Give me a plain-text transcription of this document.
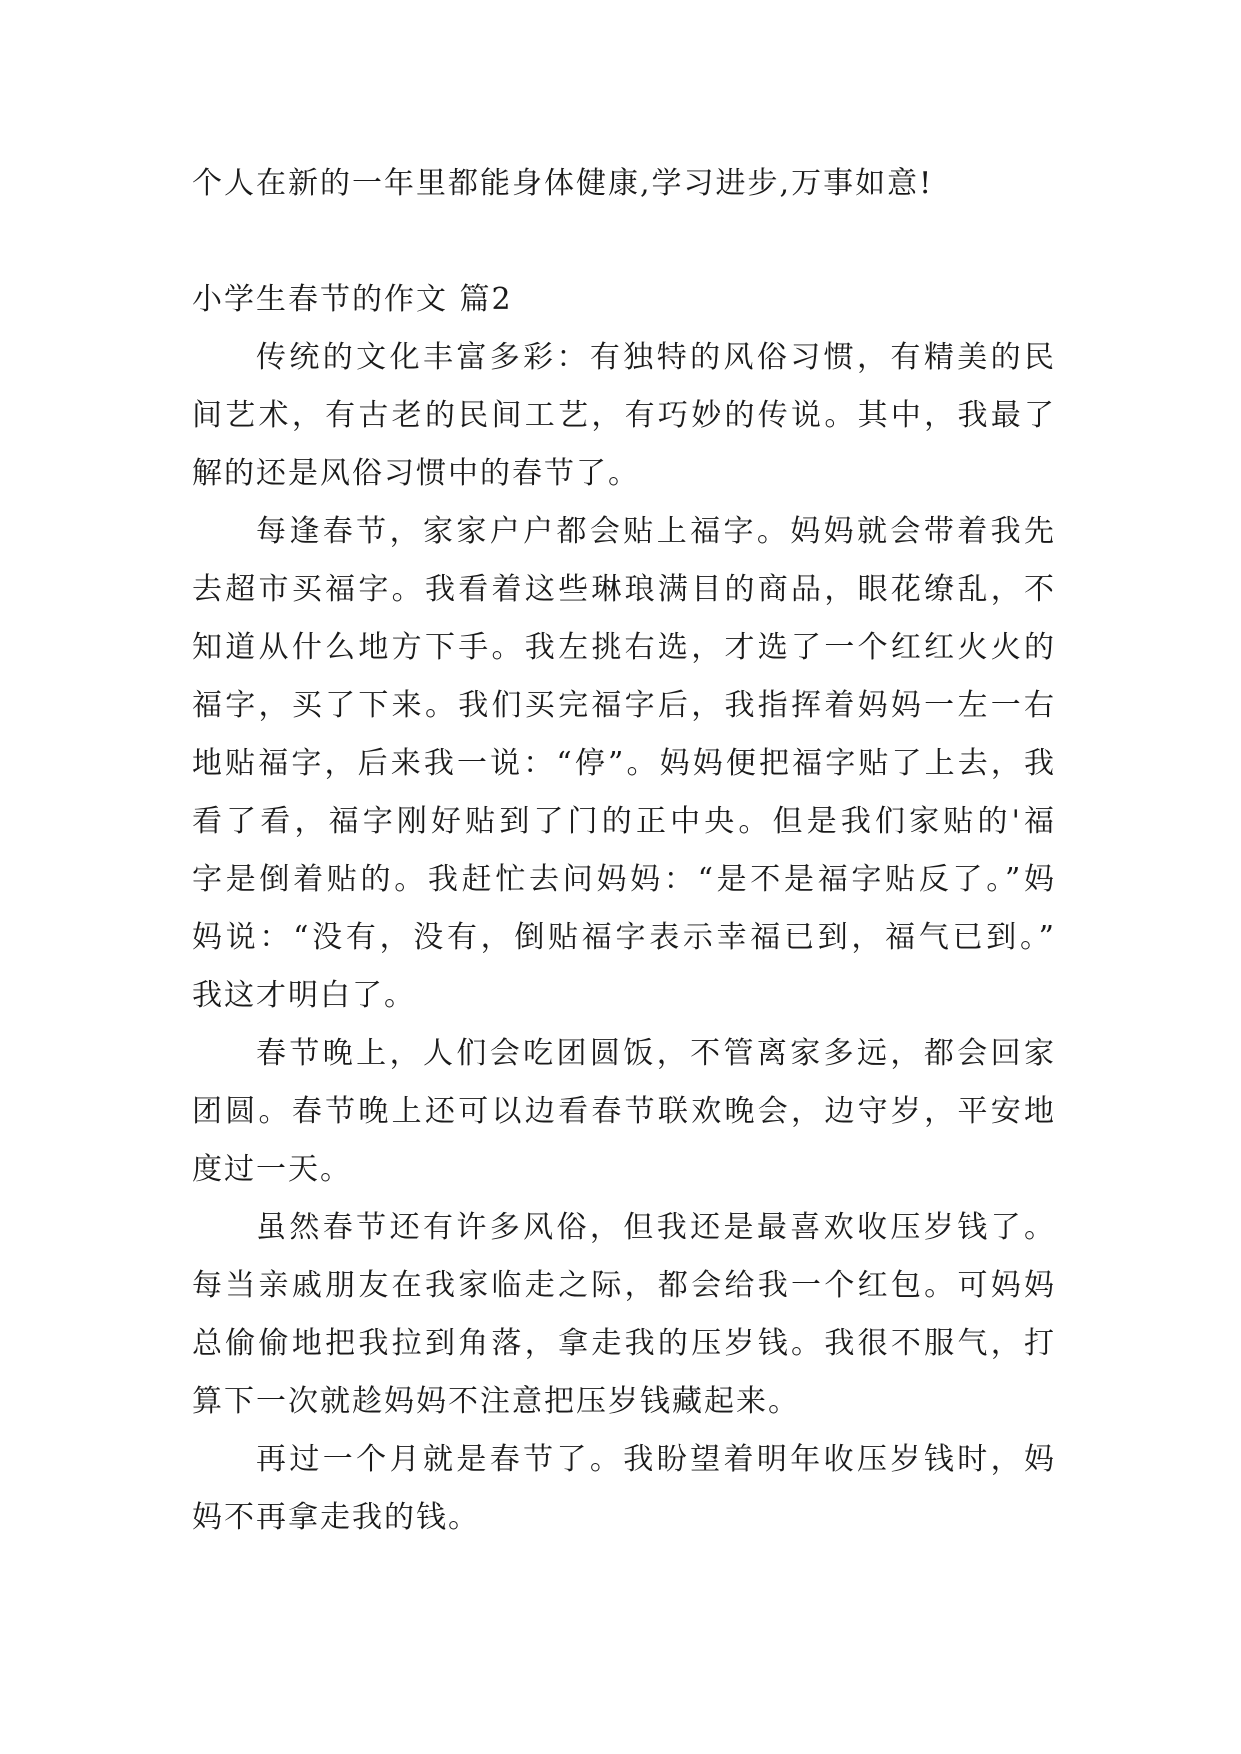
个人在新的一年里都能身体健康,学习进步,万事如意!
小学生春节的作文 篇2
传统的文化丰富多彩：有独特的风俗习惯，有精美的民
间艺术，有古老的民间工艺，有巧妙的传说。其中，我最了
解的还是风俗习惯中的春节了。
每逢春节，家家户户都会贴上福字。妈妈就会带着我先
去超市买福字。我看着这些琳琅满目的商品，眼花缭乱，不
知道从什么地方下手。我左挑右选，才选了一个红红火火的
福字，买了下来。我们买完福字后，我指挥着妈妈一左一右
地贴福字，后来我一说：“停”。妈妈便把福字贴了上去，我
看了看，福字刚好贴到了门的正中央。但是我们家贴的'福
字是倒着贴的。我赶忙去问妈妈：“是不是福字贴反了。”妈
妈说：“没有，没有，倒贴福字表示幸福已到，福气已到。”
我这才明白了。
春节晚上，人们会吃团圆饭，不管离家多远，都会回家
团圆。春节晚上还可以边看春节联欢晚会，边守岁，平安地
度过一天。
虽然春节还有许多风俗，但我还是最喜欢收压岁钱了。
每当亲戚朋友在我家临走之际，都会给我一个红包。可妈妈
总偷偷地把我拉到角落，拿走我的压岁钱。我很不服气，打
算下一次就趁妈妈不注意把压岁钱藏起来。
再过一个月就是春节了。我盼望着明年收压岁钱时，妈
妈不再拿走我的钱。
